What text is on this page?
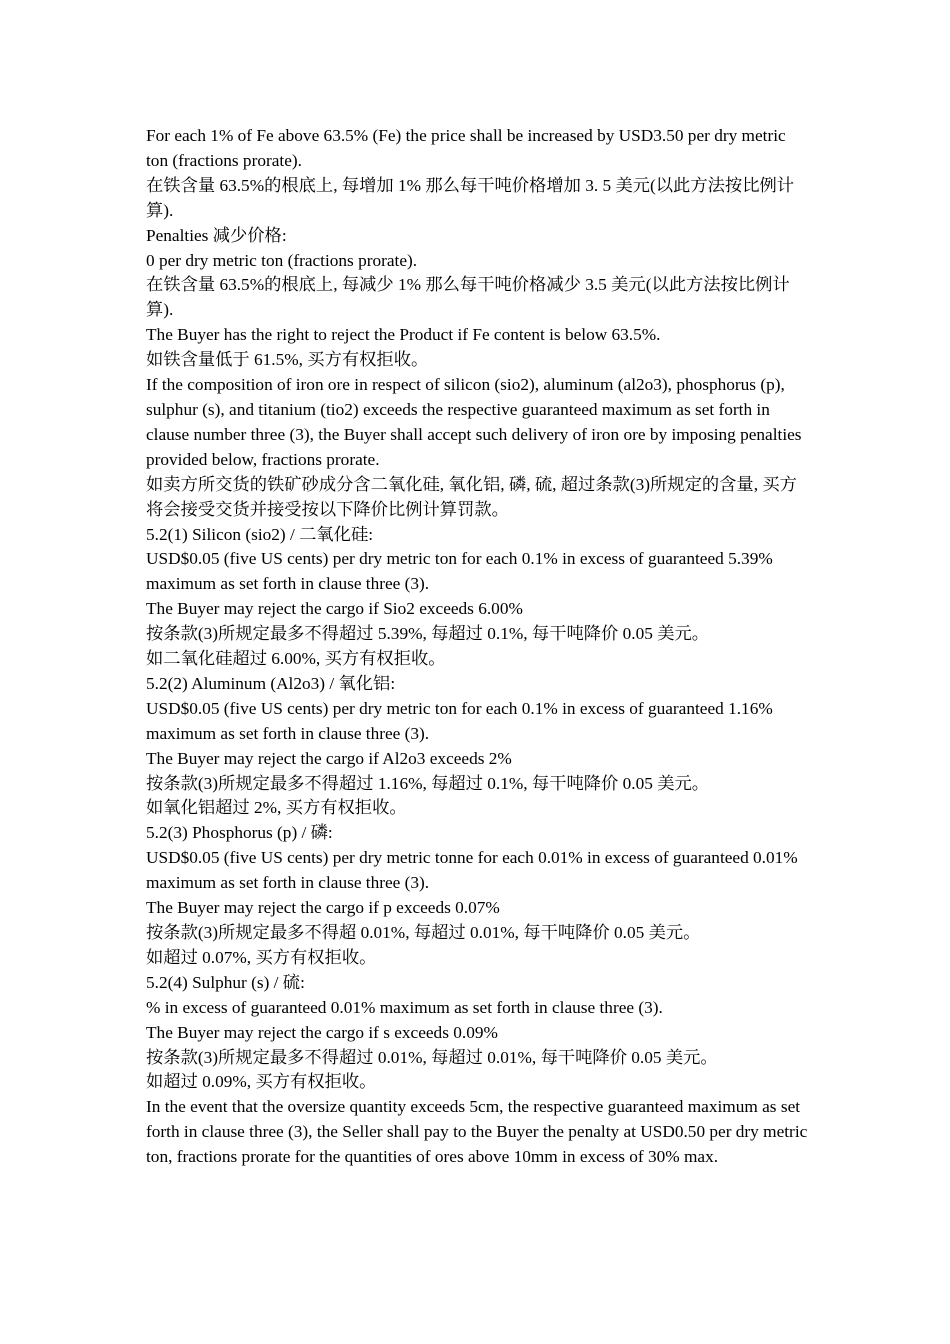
For each 1% of Fe above 63.5% (Fe) the price shall be increased by USD3.50 per dry metric ton (fractions prorate).

在铁含量 63.5%的根底上, 每增加 1% 那么每干吨价格增加 3. 5 美元(以此方法按比例计算).

Penalties 减少价格:

0 per dry metric ton (fractions prorate).

在铁含量 63.5%的根底上, 每减少 1% 那么每干吨价格减少 3.5 美元(以此方法按比例计算).

The Buyer has the right to reject the Product if Fe content is below 63.5%.

如铁含量低于 61.5%, 买方有权拒收。

If the composition of iron ore in respect of silicon (sio2), aluminum (al2o3), phosphorus (p), sulphur (s), and titanium (tio2) exceeds the respective guaranteed maximum as set forth in clause number three (3), the Buyer shall accept such delivery of iron ore by imposing penalties provided below, fractions prorate.

如卖方所交货的铁矿砂成分含二氧化硅, 氧化铝, 磷, 硫, 超过条款(3)所规定的含量, 买方将会接受交货并接受按以下降价比例计算罚款。

5.2(1) Silicon (sio2) / 二氧化硅:

USD$0.05 (five US cents) per dry metric ton for each 0.1% in excess of guaranteed 5.39% maximum as set forth in clause three (3).

The Buyer may reject the cargo if Sio2 exceeds 6.00%

按条款(3)所规定最多不得超过 5.39%, 每超过 0.1%, 每干吨降价 0.05 美元。

如二氧化硅超过 6.00%, 买方有权拒收。

5.2(2) Aluminum (Al2o3) / 氧化铝:

USD$0.05 (five US cents) per dry metric ton for each 0.1% in excess of guaranteed 1.16% maximum as set forth in clause three (3).

The Buyer may reject the cargo if Al2o3 exceeds 2%

按条款(3)所规定最多不得超过 1.16%, 每超过 0.1%, 每干吨降价 0.05 美元。

如氧化铝超过 2%, 买方有权拒收。

5.2(3) Phosphorus (p) / 磷:

USD$0.05 (five US cents) per dry metric tonne for each 0.01% in excess of guaranteed 0.01% maximum as set forth in clause three (3).

The Buyer may reject the cargo if p exceeds 0.07%

按条款(3)所规定最多不得超 0.01%, 每超过 0.01%, 每干吨降价 0.05 美元。

如超过 0.07%, 买方有权拒收。

5.2(4) Sulphur (s) / 硫:

% in excess of guaranteed 0.01% maximum as set forth in clause three (3).

The Buyer may reject the cargo if s exceeds 0.09%

按条款(3)所规定最多不得超过 0.01%, 每超过 0.01%, 每干吨降价 0.05 美元。

如超过 0.09%, 买方有权拒收。

In the event that the oversize quantity exceeds 5cm, the respective guaranteed maximum as set forth in clause three (3), the Seller shall pay to the Buyer the penalty at USD0.50 per dry metric ton, fractions prorate for the quantities of ores above 10mm in excess of 30% max.
